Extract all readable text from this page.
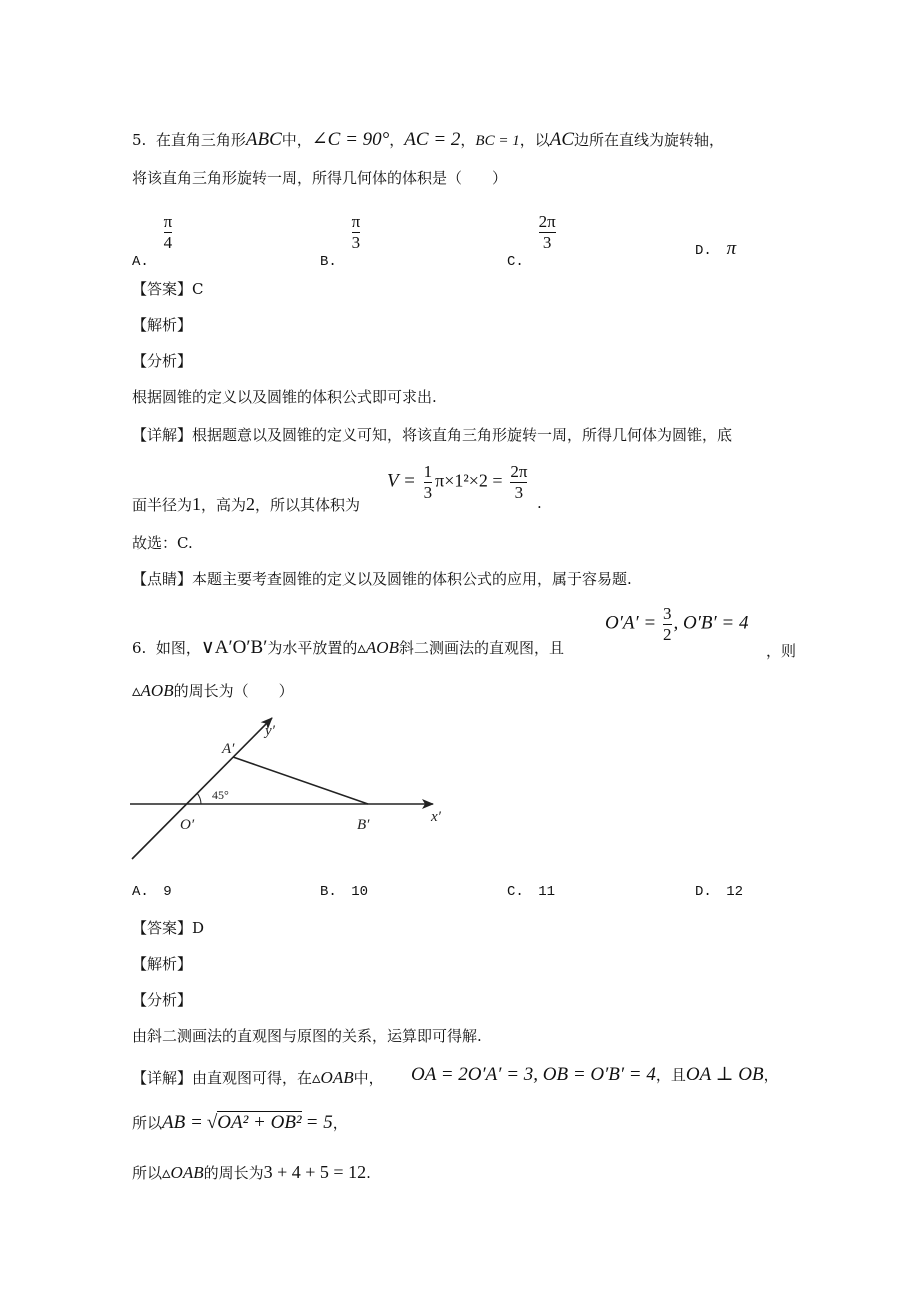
5.  在直角三角形ABC中，∠C = 90°，AC = 2，BC = 1，以AC边所在直线为旋转轴，
将该直角三角形旋转一周，所得几何体的体积是（　　）
A.
$\frac{\pi}{4}$
B.
$\frac{\pi}{3}$
C.
$\frac{2\pi}{3}$	D. π
【答案】C
【解析】
【分析】
根据圆锥的定义以及圆锥的体积公式即可求出.
【详解】根据题意以及圆锥的定义可知，将该直角三角形旋转一周，所得几何体为圆锥，底
$V = \frac{1}{3} \pi\times 1^2\times 2 = \frac{2\pi}{3}$
面半径为1，高为2，所以其体积为	.
故选：C.
【点睛】本题主要考查圆锥的定义以及圆锥的体积公式的应用，属于容易题.
6.  如图，∨A′O′B′为水平放置的▵AOB斜二测画法的直观图，且
$O'A' = \frac{3}{2}$ , O′B′ = 4
，则
▵AOB的周长为（　　）
45°
A′
y′
O′	B′	x′
A. 9	B. 10	C. 11	D. 12
【答案】D
【解析】
【分析】
由斜二测画法的直观图与原图的关系，运算即可得解.
【详解】由直观图可得，在▵OAB中， OA = 2O′A′ = 3, OB = O′B′ = 4，且OA ⊥ OB，
所以AB = √OA² + OB² = 5，
所以▵OAB的周长为3 + 4 + 5 = 12.
